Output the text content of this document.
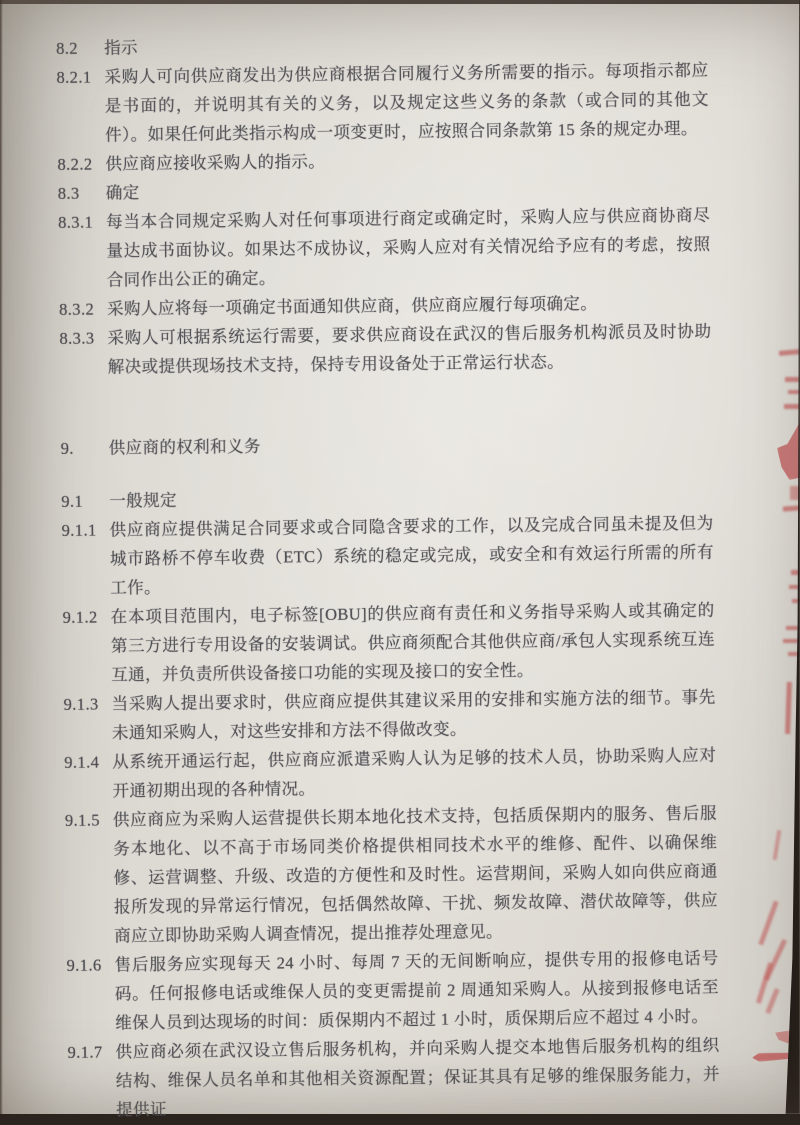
8.2	指示
8.2.1 采购人可向供应商发出为供应商根据合同履行义务所需要的指示。每项指示都应是书面的，并说明其有关的义务，以及规定这些义务的条款（或合同的其他文件）。如果任何此类指示构成一项变更时，应按照合同条款第 15 条的规定办理。
8.2.2 供应商应接收采购人的指示。
8.3	确定
8.3.1 每当本合同规定采购人对任何事项进行商定或确定时，采购人应与供应商协商尽量达成书面协议。如果达不成协议，采购人应对有关情况给予应有的考虑，按照合同作出公正的确定。
8.3.2 采购人应将每一项确定书面通知供应商，供应商应履行每项确定。
8.3.3 采购人可根据系统运行需要，要求供应商设在武汉的售后服务机构派员及时协助解决或提供现场技术支持，保持专用设备处于正常运行状态。
9.	供应商的权利和义务
9.1	一般规定
9.1.1 供应商应提供满足合同要求或合同隐含要求的工作，以及完成合同虽未提及但为城市路桥不停车收费（ETC）系统的稳定或完成，或安全和有效运行所需的所有工作。
9.1.2 在本项目范围内，电子标签[OBU]的供应商有责任和义务指导采购人或其确定的第三方进行专用设备的安装调试。供应商须配合其他供应商/承包人实现系统互连互通，并负责所供设备接口功能的实现及接口的安全性。
9.1.3 当采购人提出要求时，供应商应提供其建议采用的安排和实施方法的细节。事先未通知采购人，对这些安排和方法不得做改变。
9.1.4 从系统开通运行起，供应商应派遣采购人认为足够的技术人员，协助采购人应对开通初期出现的各种情况。
9.1.5 供应商应为采购人运营提供长期本地化技术支持，包括质保期内的服务、售后服务本地化、以不高于市场同类价格提供相同技术水平的维修、配件、以确保维修、运营调整、升级、改造的方便性和及时性。运营期间，采购人如向供应商通报所发现的异常运行情况，包括偶然故障、干扰、频发故障、潜伏故障等，供应商应立即协助采购人调查情况，提出推荐处理意见。
9.1.6 售后服务应实现每天 24 小时、每周 7 天的无间断响应，提供专用的报修电话号码。任何报修电话或维保人员的变更需提前 2 周通知采购人。从接到报修电话至维保人员到达现场的时间：质保期内不超过 1 小时，质保期后应不超过 4 小时。
9.1.7 供应商必须在武汉设立售后服务机构，并向采购人提交本地售后服务机构的组织结构、维保人员名单和其他相关资源配置；保证其具有足够的维保服务能力，并提供证
